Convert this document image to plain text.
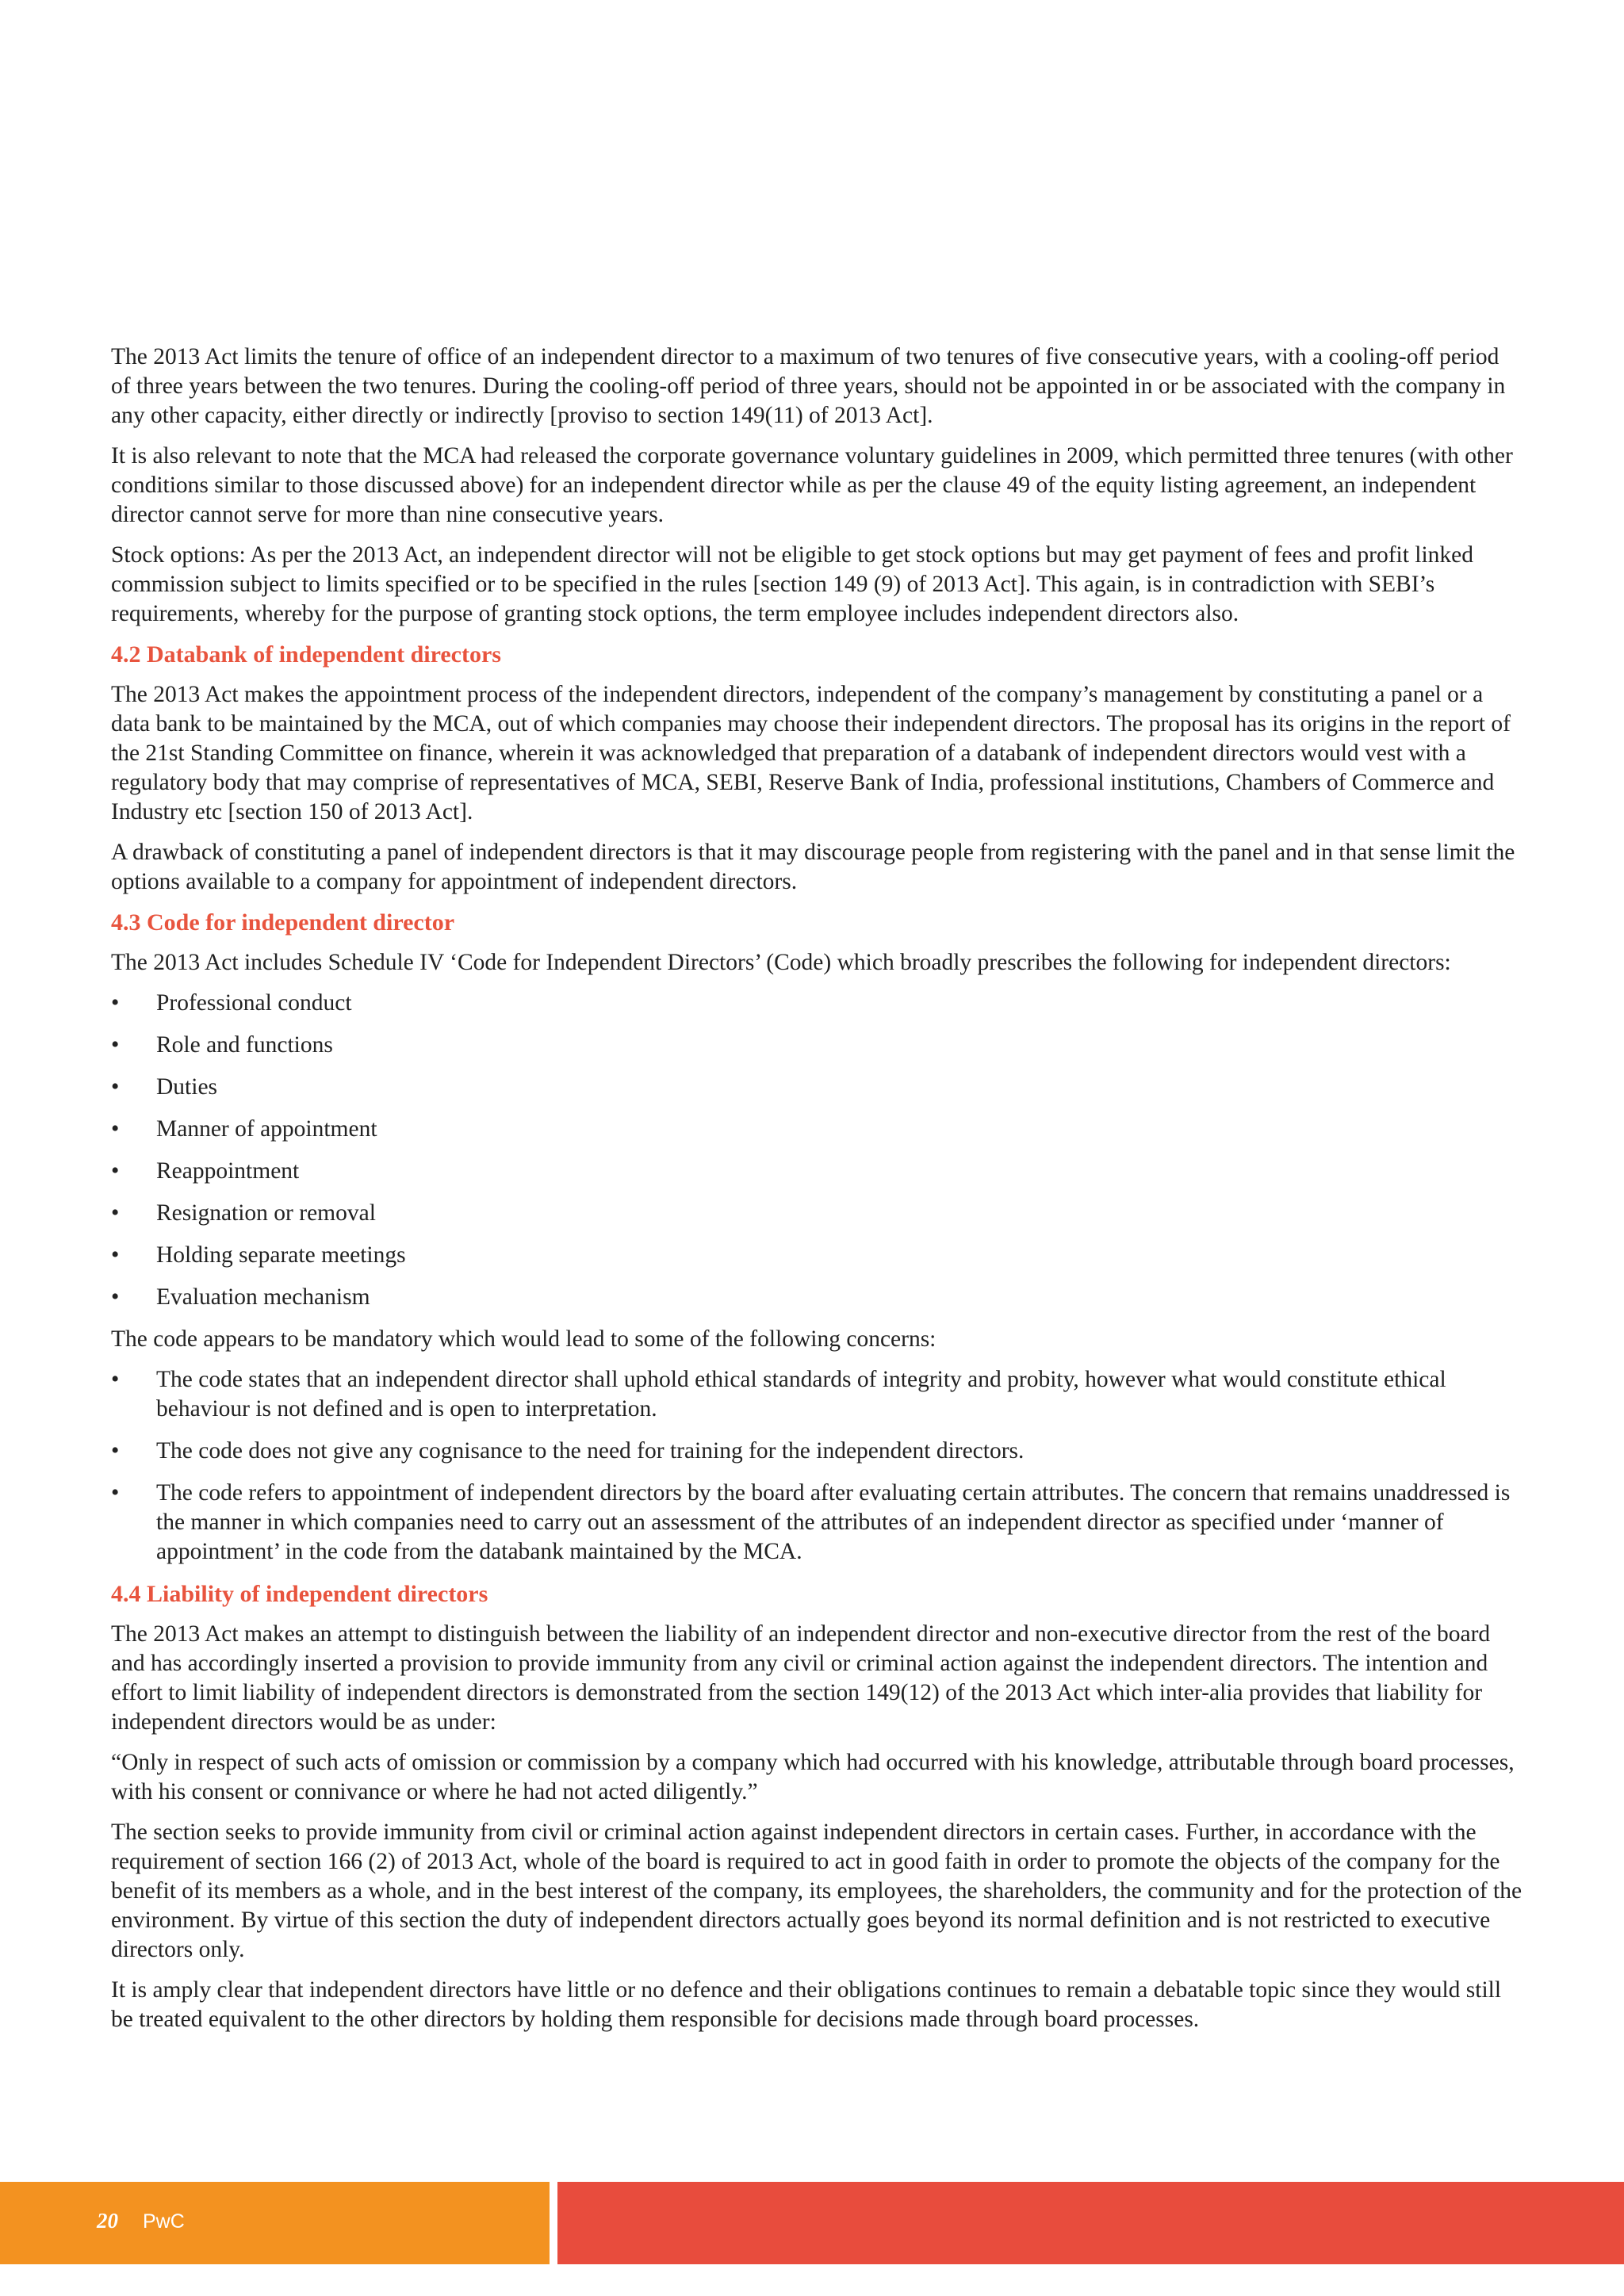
The 2013 Act limits the tenure of office of an independent director to a maximum of two tenures of five consecutive years, with a cooling-off period of three years between the two tenures. During the cooling-off period of three years, should not be appointed in or be associated with the company in any other capacity, either directly or indirectly [proviso to section 149(11) of 2013 Act].

It is also relevant to note that the MCA had released the corporate governance voluntary guidelines in 2009, which permitted three tenures (with other conditions similar to those discussed above) for an independent director while as per the clause 49 of the equity listing agreement, an independent director cannot serve for more than nine consecutive years.

Stock options: As per the 2013 Act, an independent director will not be eligible to get stock options but may get payment of fees and profit linked commission subject to limits specified or to be specified in the rules [section 149 (9) of 2013 Act]. This again, is in contradiction with SEBI’s requirements, whereby for the purpose of granting stock options, the term employee includes independent directors also.

4.2 Databank of independent directors

The 2013 Act makes the appointment process of the independent directors, independent of the company’s management by constituting a panel or a data bank to be maintained by the MCA, out of which companies may choose their independent directors. The proposal has its origins in the report of the 21st Standing Committee on finance, wherein it was acknowledged that preparation of a databank of independent directors would vest with a regulatory body that may comprise of representatives of MCA, SEBI, Reserve Bank of India, professional institutions, Chambers of Commerce and Industry etc [section 150 of 2013 Act].

A drawback of constituting a panel of independent directors is that it may discourage people from registering with the panel and in that sense limit the options available to a company for appointment of independent directors.

4.3 Code for independent director

The 2013 Act includes Schedule IV ‘Code for Independent Directors’ (Code) which broadly prescribes the following for independent directors:

• Professional conduct
• Role and functions
• Duties
• Manner of appointment
• Reappointment
• Resignation or removal
• Holding separate meetings
• Evaluation mechanism

The code appears to be mandatory which would lead to some of the following concerns:

• The code states that an independent director shall uphold ethical standards of integrity and probity, however what would constitute ethical behaviour is not defined and is open to interpretation.
• The code does not give any cognisance to the need for training for the independent directors.
• The code refers to appointment of independent directors by the board after evaluating certain attributes. The concern that remains unaddressed is the manner in which companies need to carry out an assessment of the attributes of an independent director as specified under ‘manner of appointment’ in the code from the databank maintained by the MCA.
4.4 Liability of independent directors

The 2013 Act makes an attempt to distinguish between the liability of an independent director and non-executive director from the rest of the board and has accordingly inserted a provision to provide immunity from any civil or criminal action against the independent directors. The intention and effort to limit liability of independent directors is demonstrated from the section 149(12) of the 2013 Act which inter-alia provides that liability for independent directors would be as under:

“Only in respect of such acts of omission or commission by a company which had occurred with his knowledge, attributable through board processes, with his consent or connivance or where he had not acted diligently.”

The section seeks to provide immunity from civil or criminal action against independent directors in certain cases. Further, in accordance with the requirement of section 166 (2) of 2013 Act, whole of the board is required to act in good faith in order to promote the objects of the company for the benefit of its members as a whole, and in the best interest of the company, its employees, the shareholders, the community and for the protection of the environment. By virtue of this section the duty of independent directors actually goes beyond its normal definition and is not restricted to executive directors only.

It is amply clear that independent directors have little or no defence and their obligations continues to remain a debatable topic since they would still be treated equivalent to the other directors by holding them responsible for decisions made through board processes.

20 PwC
